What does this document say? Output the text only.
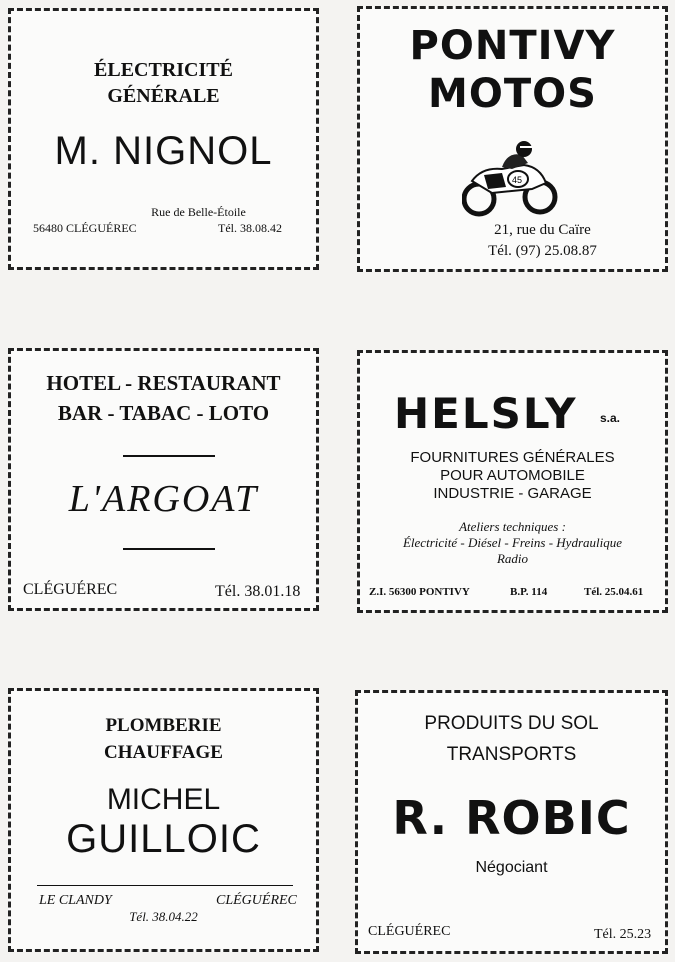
ÉLECTRICITÉ
GÉNÉRALE
M. NIGNOL
Rue de Belle-Étoile
56480 CLÉGUÉREC	Tél. 38.08.42
PONTIVY
MOTOS
45
21, rue du Caïre
Tél. (97) 25.08.87
HOTEL - RESTAURANT
BAR - TABAC - LOTO
L'ARGOAT
CLÉGUÉREC	Tél. 38.01.18
HELSLY s.a.
FOURNITURES GÉNÉRALES
POUR AUTOMOBILE
INDUSTRIE - GARAGE
Ateliers techniques :
Électricité - Diésel - Freins - Hydraulique
Radio
Z.I. 56300 PONTIVY	B.P. 114	Tél. 25.04.61
PLOMBERIE
CHAUFFAGE
MICHEL
GUILLOIC
LE CLANDY	CLÉGUÉREC
Tél. 38.04.22
PRODUITS DU SOL
TRANSPORTS
R. ROBIC
Négociant
CLÉGUÉREC	Tél. 25.23
